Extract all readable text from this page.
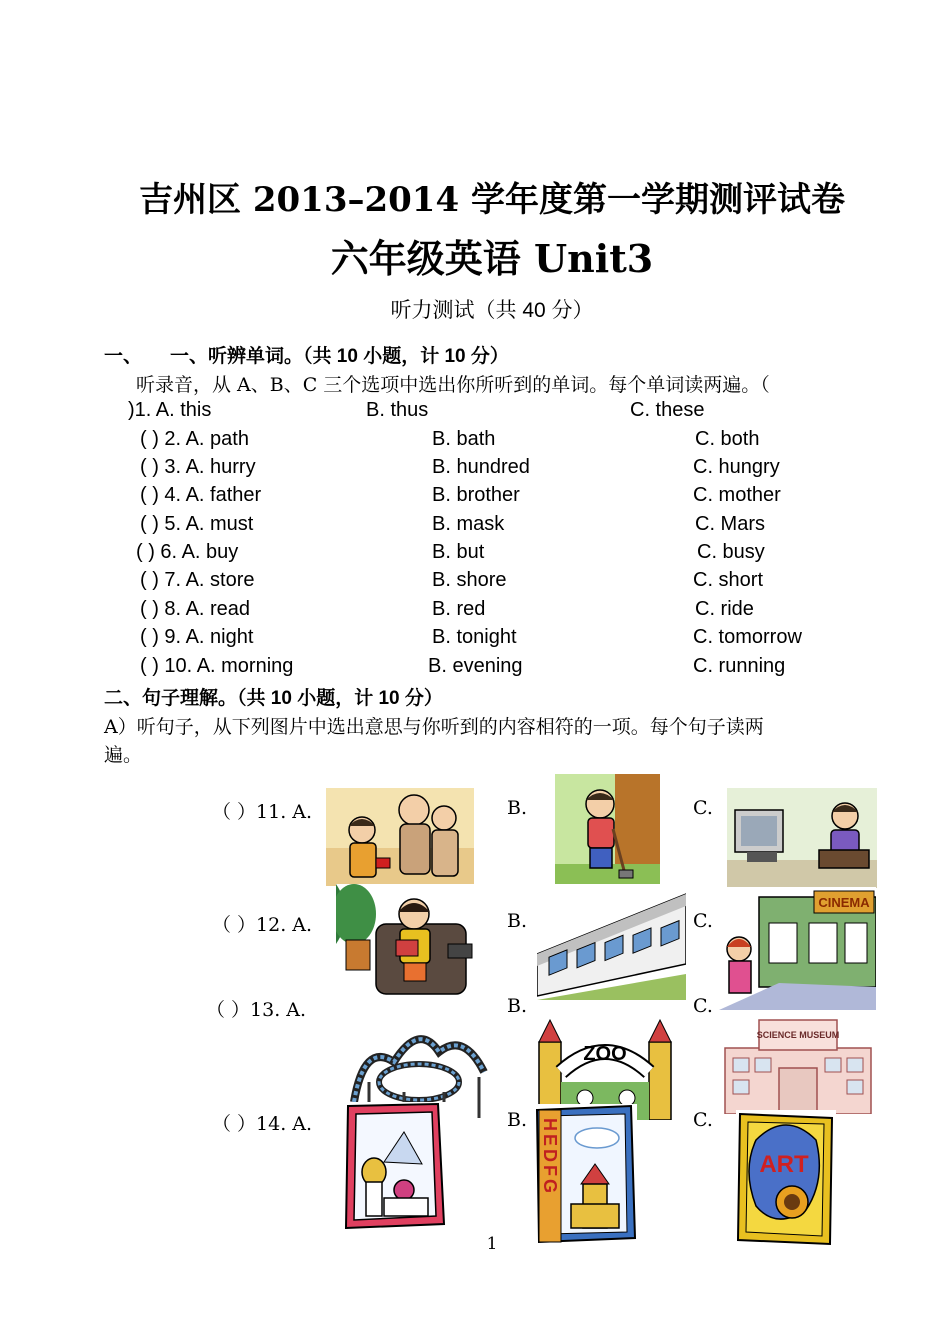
吉州区 2013–2014 学年度第一学期测评试卷
六年级英语 Unit3
听力测试（共 40 分）
一、 一、听辨单词。（共 10 小题，计 10 分）
听录音，从 A、B、C 三个选项中选出你所听到的单词。每个单词读两遍。（
)1. A. this	B. thus	C. these
( ) 2. A. path	B. bath	C. both
( ) 3. A. hurry	B. hundred	C. hungry
( ) 4. A. father	B. brother	C. mother
( ) 5. A. must	B. mask	C. Mars
( ) 6. A. buy	B. but	C. busy
( ) 7. A. store	B. shore	C. short
( ) 8. A. read	B. red	C. ride
( ) 9. A. night	B. tonight	C. tomorrow
( ) 10. A. morning	B. evening	C. running
二、句子理解。（共 10 小题，计 10 分）
A）听句子，从下列图片中选出意思与你听到的内容相符的一项。每个句子读两
遍。
（ ）11. A.	B.	C.
（ ）12. A.	B.	C.
（ ）13. A.	B.	C.
（ ）14. A.	B.	C.
CINEMA
ZOO
SCIENCE MUSEUM
HEDFG	ART
1
